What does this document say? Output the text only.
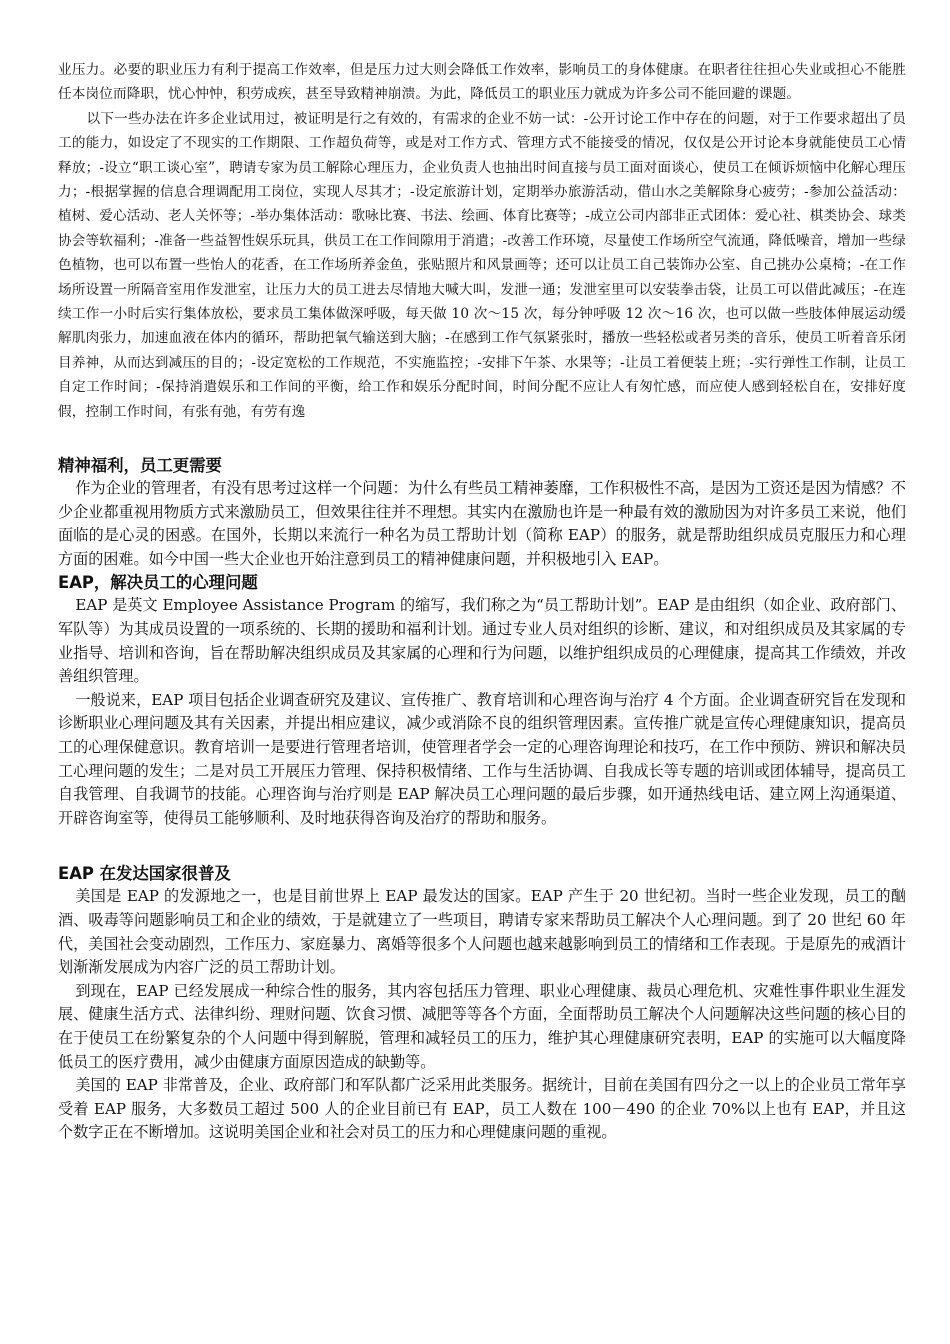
业压力。必要的职业压力有利于提高工作效率，但是压力过大则会降低工作效率，影响员工的身体健康。在职者往往担心失业或担心不能胜任本岗位而降职，忧心忡忡，积劳成疾，甚至导致精神崩溃。为此，降低员工的职业压力就成为许多公司不能回避的课题。

以下一些办法在许多企业试用过，被证明是行之有效的，有需求的企业不妨一试：-公开讨论工作中存在的问题，对于工作要求超出了员工的能力，如设定了不现实的工作期限、工作超负荷等，或是对工作方式、管理方式不能接受的情况，仅仅是公开讨论本身就能使员工心情释放；-设立“职工谈心室”，聘请专家为员工解除心理压力，企业负责人也抽出时间直接与员工面对面谈心，使员工在倾诉烦恼中化解心理压力；-根据掌握的信息合理调配用工岗位，实现人尽其才；-设定旅游计划，定期举办旅游活动，借山水之美解除身心疲劳；-参加公益活动：植树、爱心活动、老人关怀等；-举办集体活动：歌咏比赛、书法、绘画、体育比赛等；-成立公司内部非正式团体：爱心社、棋类协会、球类协会等软福利；-准备一些益智性娱乐玩具，供员工在工作间隙用于消遣；-改善工作环境，尽量使工作场所空气流通，降低噪音，增加一些绿色植物，也可以布置一些怡人的花香，在工作场所养金鱼，张贴照片和风景画等；还可以让员工自己装饰办公室、自己挑办公桌椅；-在工作场所设置一所隔音室用作发泄室，让压力大的员工进去尽情地大喊大叫，发泄一通；发泄室里可以安装拳击袋，让员工可以借此减压；-在连续工作一小时后实行集体放松，要求员工集体做深呼吸，每天做 10 次～15 次，每分钟呼吸 12 次～16 次，也可以做一些肢体伸展运动缓解肌肉张力，加速血液在体内的循环，帮助把氧气输送到大脑；-在感到工作气氛紧张时，播放一些轻松或者另类的音乐，使员工听着音乐闭目养神，从而达到减压的目的；-设定宽松的工作规范，不实施监控；-安排下午茶、水果等；-让员工着便装上班；-实行弹性工作制，让员工自定工作时间；-保持消遣娱乐和工作间的平衡，给工作和娱乐分配时间，时间分配不应让人有匆忙感，而应使人感到轻松自在，安排好度假，控制工作时间，有张有弛，有劳有逸

精神福利，员工更需要

作为企业的管理者，有没有思考过这样一个问题：为什么有些员工精神萎靡，工作积极性不高，是因为工资还是因为情感？不少企业都重视用物质方式来激励员工，但效果往往并不理想。其实内在激励也许是一种最有效的激励因为对许多员工来说，他们面临的是心灵的困惑。在国外，长期以来流行一种名为员工帮助计划（简称 EAP）的服务，就是帮助组织成员克服压力和心理方面的困难。如今中国一些大企业也开始注意到员工的精神健康问题，并积极地引入 EAP。

EAP，解决员工的心理问题

EAP 是英文 Employee Assistance Program 的缩写，我们称之为“员工帮助计划”。EAP 是由组织（如企业、政府部门、军队等）为其成员设置的一项系统的、长期的援助和福利计划。通过专业人员对组织的诊断、建议，和对组织成员及其家属的专业指导、培训和咨询，旨在帮助解决组织成员及其家属的心理和行为问题，以维护组织成员的心理健康，提高其工作绩效，并改善组织管理。

一般说来，EAP 项目包括企业调查研究及建议、宣传推广、教育培训和心理咨询与治疗 4 个方面。企业调查研究旨在发现和诊断职业心理问题及其有关因素，并提出相应建议，减少或消除不良的组织管理因素。宣传推广就是宣传心理健康知识，提高员工的心理保健意识。教育培训一是要进行管理者培训，使管理者学会一定的心理咨询理论和技巧，在工作中预防、辨识和解决员工心理问题的发生；二是对员工开展压力管理、保持积极情绪、工作与生活协调、自我成长等专题的培训或团体辅导，提高员工自我管理、自我调节的技能。心理咨询与治疗则是 EAP 解决员工心理问题的最后步骤，如开通热线电话、建立网上沟通渠道、开辟咨询室等，使得员工能够顺利、及时地获得咨询及治疗的帮助和服务。

EAP 在发达国家很普及

美国是 EAP 的发源地之一，也是目前世界上 EAP 最发达的国家。EAP 产生于 20 世纪初。当时一些企业发现，员工的酗酒、吸毒等问题影响员工和企业的绩效，于是就建立了一些项目，聘请专家来帮助员工解决个人心理问题。到了 20 世纪 60 年代，美国社会变动剧烈，工作压力、家庭暴力、离婚等很多个人问题也越来越影响到员工的情绪和工作表现。于是原先的戒酒计划渐渐发展成为内容广泛的员工帮助计划。

到现在，EAP 已经发展成一种综合性的服务，其内容包括压力管理、职业心理健康、裁员心理危机、灾难性事件职业生涯发展、健康生活方式、法律纠纷、理财问题、饮食习惯、减肥等等各个方面，全面帮助员工解决个人问题解决这些问题的核心目的在于使员工在纷繁复杂的个人问题中得到解脱，管理和减轻员工的压力，维护其心理健康研究表明，EAP 的实施可以大幅度降低员工的医疗费用，减少由健康方面原因造成的缺勤等。

美国的 EAP 非常普及，企业、政府部门和军队都广泛采用此类服务。据统计，目前在美国有四分之一以上的企业员工常年享受着 EAP 服务，大多数员工超过 500 人的企业目前已有 EAP，员工人数在 100－490 的企业 70%以上也有 EAP，并且这个数字正在不断增加。这说明美国企业和社会对员工的压力和心理健康问题的重视。
